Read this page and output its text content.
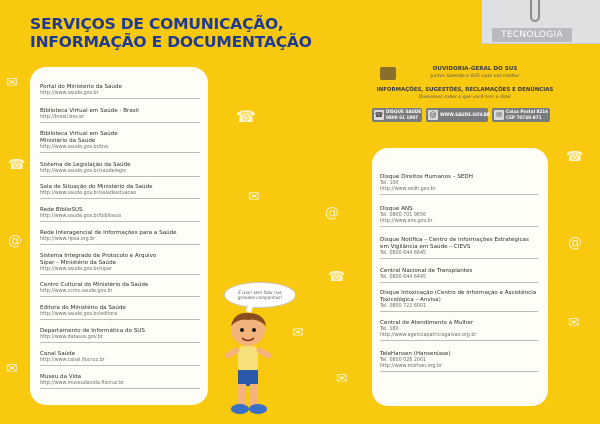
SERVIÇOS DE COMUNICAÇÃO,
INFORMAÇÃO E DOCUMENTAÇÃO	TECNOLOGIA
✉
☎
✉
@
☎
✉
@
☎
✉
☎
@
✉
✉
Portal do Ministério da Saúde
http://www.saude.gov.br
Biblioteca Virtual em Saúde - Brasil
http://brasil.bvs.br
Biblioteca Virtual em Saúde
Ministério da Saúde
http://www.saude.gov.br/bvs
Sistema de Legislação da Saúde
http://www.saude.gov.br/saudelegis
Sala de Situação do Ministério da Saúde
http://www.saude.gov.br/saladesituacao
Rede BiblioSUS
http://www.saude.gov.br/bibliosus
Rede Interagencial de Informações para a Saúde
http://www.ripsa.org.br
Sistema Integrado de Protocolo e Arquivo
Sipar – Ministério da Saúde
http://www.saude.gov.br/sipar
Centro Cultural do Ministério da Saúde
http://www.ccms.saude.gov.br
Editora do Ministério da Saúde
http://www.saude.gov.br/editora
Departamento de Informática do SUS
http://www.datasus.gov.br
Canal Saúde
http://www.canal.fiocruz.br
Museu da Vida
http://www.museudavida.fiocruz.br
OUVIDORIA-GERAL DO SUS
Juntos fazendo o SUS cada vez melhor
INFORMAÇÕES, SUGESTÕES, RECLAMAÇÕES E DENÚNCIAS
Queremos saber o que você tem a dizer
☎ DISQUE SAÚDE
0800 61 1997	@ WWW.SAUDE.GOV.BR ✉ Caixa Postal 8216
CEP 70740-971
Disque Direitos Humanos – SEDH
Tel. 100
http://www.sedh.gov.br
Disque ANS
Tel. 0800 701 9656
http://www.ans.gov.br
Disque Notifica – Centro de Informações Estratégicas
em Vigilância em Saúde – CIEVS
Tel. 0800 644 6645
Central Nacional de Transplantes
Tel. 0800 644 6445
Disque Intoxicação (Centro de Informação e Assistência
Toxicológica – Anvisa)
Tel. 0800 722 6001
Central de Atendimento à Mulher
Tel. 180
http://www.agenciapatriciagalvao.org.br
TeleHansen (Hanseníase)
Tel. 0800 026 2001
http://www.morhan.org.br
É isso! sem falar nas
grandes campanhas!
